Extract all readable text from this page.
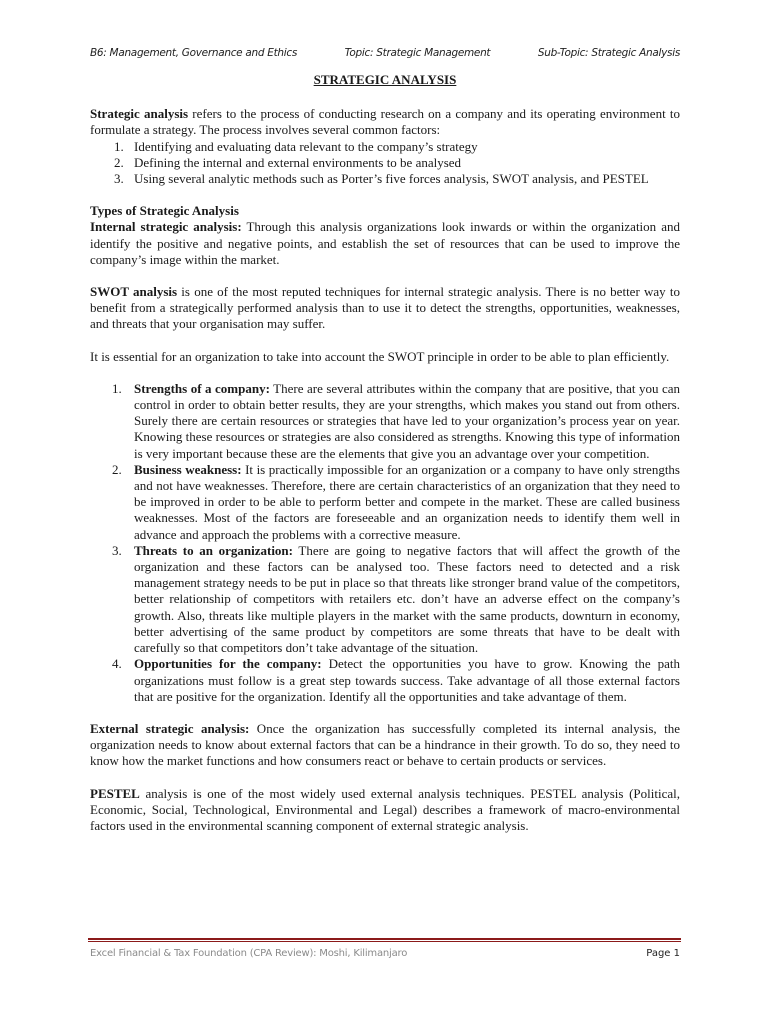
B6: Management, Governance and Ethics	Topic: Strategic Management	Sub-Topic: Strategic Analysis
STRATEGIC ANALYSIS

Strategic analysis refers to the process of conducting research on a company and its operating environment to formulate a strategy. The process involves several common factors:

1. Identifying and evaluating data relevant to the company’s strategy
2. Defining the internal and external environments to be analysed
3. Using several analytic methods such as Porter’s five forces analysis, SWOT analysis, and PESTEL

Types of Strategic Analysis

Internal strategic analysis: Through this analysis organizations look inwards or within the organization and identify the positive and negative points, and establish the set of resources that can be used to improve the company’s image within the market.

SWOT analysis is one of the most reputed techniques for internal strategic analysis. There is no better way to benefit from a strategically performed analysis than to use it to detect the strengths, opportunities, weaknesses, and threats that your organisation may suffer.

It is essential for an organization to take into account the SWOT principle in order to be able to plan efficiently.

1. Strengths of a company: There are several attributes within the company that are positive, that you can control in order to obtain better results, they are your strengths, which makes you stand out from others. Surely there are certain resources or strategies that have led to your organization’s process year on year. Knowing these resources or strategies are also considered as strengths. Knowing this type of information is very important because these are the elements that give you an advantage over your competition.
2. Business weakness: It is practically impossible for an organization or a company to have only strengths and not have weaknesses. Therefore, there are certain characteristics of an organization that they need to be improved in order to be able to perform better and compete in the market. These are called business weaknesses. Most of the factors are foreseeable and an organization needs to identify them well in advance and approach the problems with a corrective measure.
3. Threats to an organization: There are going to negative factors that will affect the growth of the organization and these factors can be analysed too. These factors need to detected and a risk management strategy needs to be put in place so that threats like stronger brand value of the competitors, better relationship of competitors with retailers etc. don’t have an adverse effect on the company’s growth. Also, threats like multiple players in the market with the same products, downturn in economy, better advertising of the same product by competitors are some threats that have to be dealt with carefully so that competitors don’t take advantage of the situation.
4. Opportunities for the company: Detect the opportunities you have to grow. Knowing the path organizations must follow is a great step towards success. Take advantage of all those external factors that are positive for the organization. Identify all the opportunities and take advantage of them.

External strategic analysis: Once the organization has successfully completed its internal analysis, the organization needs to know about external factors that can be a hindrance in their growth. To do so, they need to know how the market functions and how consumers react or behave to certain products or services.

PESTEL analysis is one of the most widely used external analysis techniques. PESTEL analysis (Political, Economic, Social, Technological, Environmental and Legal) describes a framework of macro-environmental factors used in the environmental scanning component of external strategic analysis.

Excel Financial & Tax Foundation (CPA Review): Moshi, Kilimanjaro	Page 1
